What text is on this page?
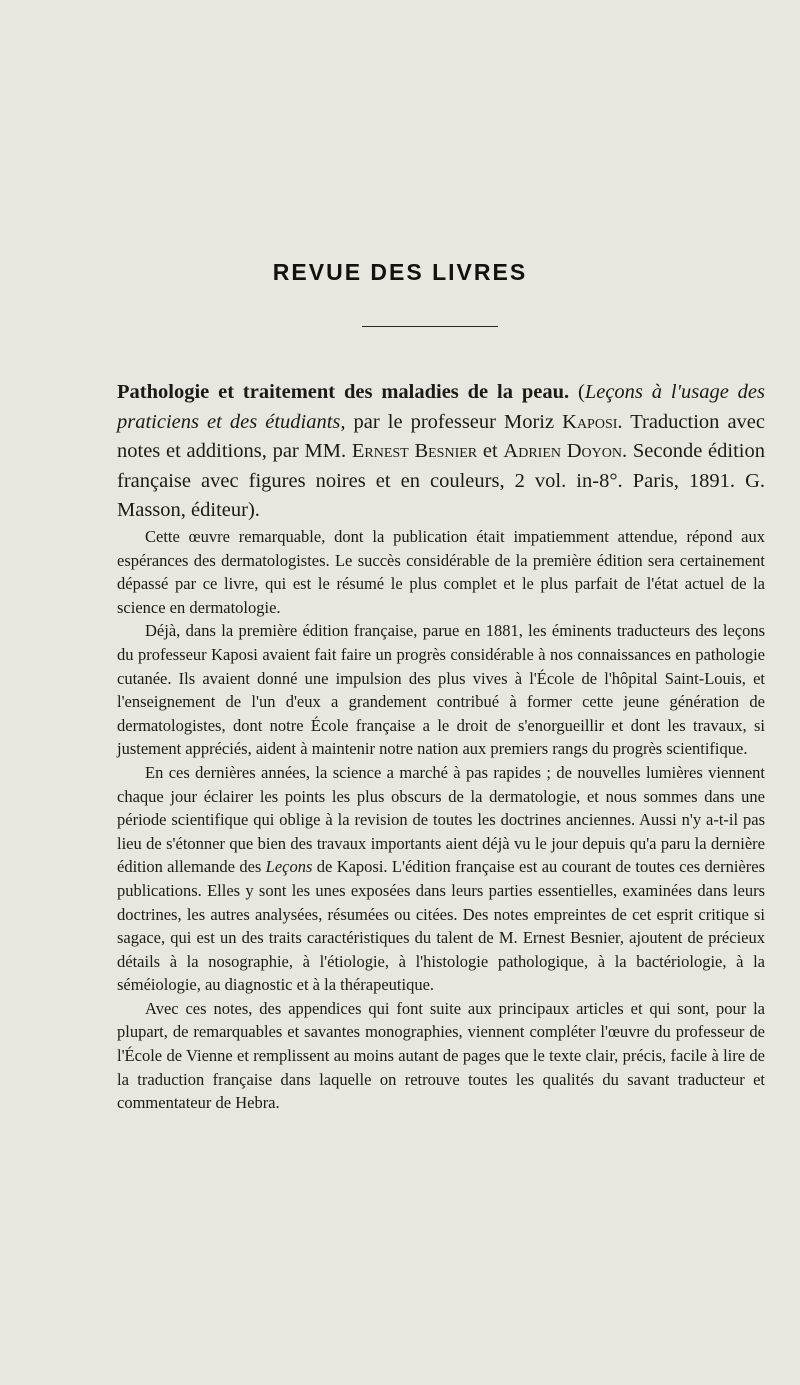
REVUE DES LIVRES
Pathologie et traitement des maladies de la peau. (Leçons à l'usage des praticiens et des étudiants, par le professeur Moriz Kaposi. Traduction avec notes et additions, par MM. Ernest Besnier et Adrien Doyon. Seconde édition française avec figures noires et en couleurs, 2 vol. in-8°. Paris, 1891. G. Masson, éditeur).

Cette œuvre remarquable, dont la publication était impatiemment attendue, répond aux espérances des dermatologistes. Le succès considérable de la première édition sera certainement dépassé par ce livre, qui est le résumé le plus complet et le plus parfait de l'état actuel de la science en dermatologie.

Déjà, dans la première édition française, parue en 1881, les éminents traducteurs des leçons du professeur Kaposi avaient fait faire un progrès considérable à nos connaissances en pathologie cutanée. Ils avaient donné une impulsion des plus vives à l'École de l'hôpital Saint-Louis, et l'enseignement de l'un d'eux a grandement contribué à former cette jeune génération de dermatologistes, dont notre École française a le droit de s'enorgueillir et dont les travaux, si justement appréciés, aident à maintenir notre nation aux premiers rangs du progrès scientifique.

En ces dernières années, la science a marché à pas rapides ; de nouvelles lumières viennent chaque jour éclairer les points les plus obscurs de la dermatologie, et nous sommes dans une période scientifique qui oblige à la revision de toutes les doctrines anciennes. Aussi n'y a-t-il pas lieu de s'étonner que bien des travaux importants aient déjà vu le jour depuis qu'a paru la dernière édition allemande des Leçons de Kaposi. L'édition française est au courant de toutes ces dernières publications. Elles y sont les unes exposées dans leurs parties essentielles, examinées dans leurs doctrines, les autres analysées, résumées ou citées. Des notes empreintes de cet esprit critique si sagace, qui est un des traits caractéristiques du talent de M. Ernest Besnier, ajoutent de précieux détails à la nosographie, à l'étiologie, à l'histologie pathologique, à la bactériologie, à la séméiologie, au diagnostic et à la thérapeutique.

Avec ces notes, des appendices qui font suite aux principaux articles et qui sont, pour la plupart, de remarquables et savantes monographies, viennent compléter l'œuvre du professeur de l'École de Vienne et remplissent au moins autant de pages que le texte clair, précis, facile à lire de la traduction française dans laquelle on retrouve toutes les qualités du savant traducteur et commentateur de Hebra.
